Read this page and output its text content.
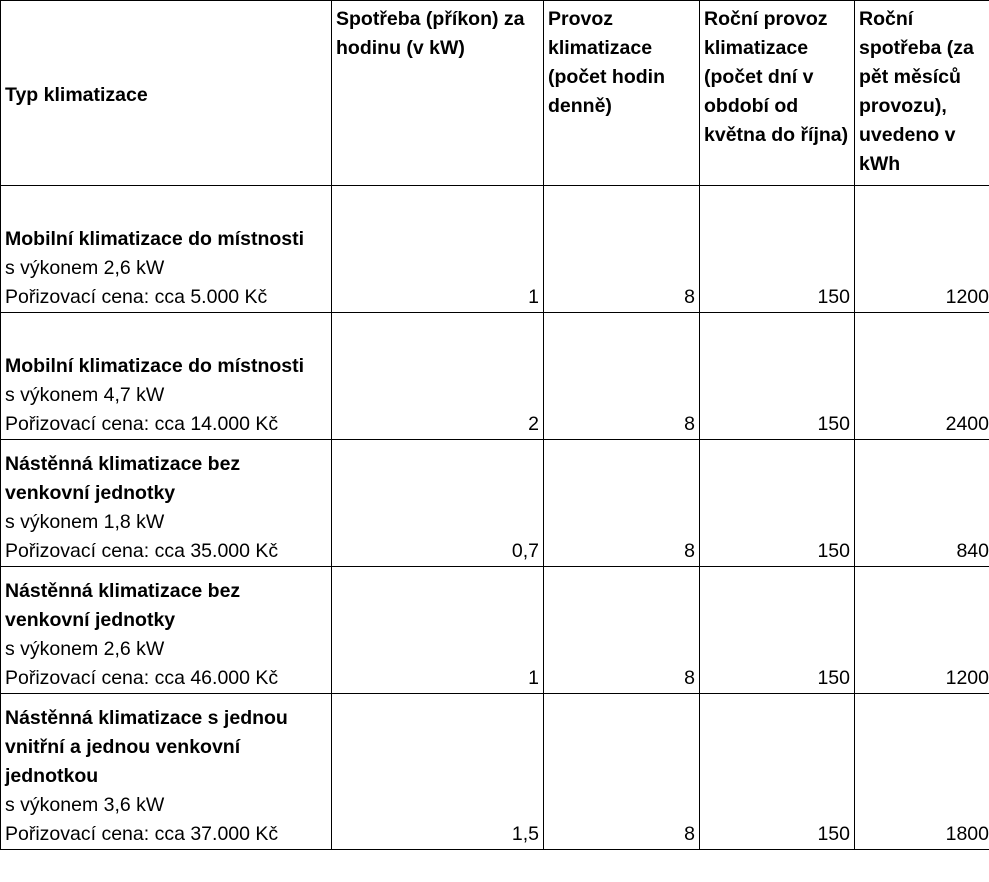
Typ klimatizace	Spotřeba (příkon) za hodinu (v kW)	Provoz klimatizace (počet hodin denně)	Roční provoz klimatizace (počet dní v období od května do října)	Roční spotřeba (za pět měsíců provozu), uvedeno v kWh

Mobilní klimatizace do místnosti
s výkonem 2,6 kW
Pořizovací cena: cca 5.000 Kč	1	8	150	1200

Mobilní klimatizace do místnosti
s výkonem 4,7 kW
Pořizovací cena: cca 14.000 Kč	2	8	150	2400

Nástěnná klimatizace bez venkovní jednotky
s výkonem 1,8 kW
Pořizovací cena: cca 35.000 Kč	0,7	8	150	840

Nástěnná klimatizace bez venkovní jednotky
s výkonem 2,6 kW
Pořizovací cena: cca 46.000 Kč	1	8	150	1200

Nástěnná klimatizace s jednou vnitřní a jednou venkovní jednotkou
s výkonem 3,6 kW
Pořizovací cena: cca 37.000 Kč	1,5	8	150	1800
